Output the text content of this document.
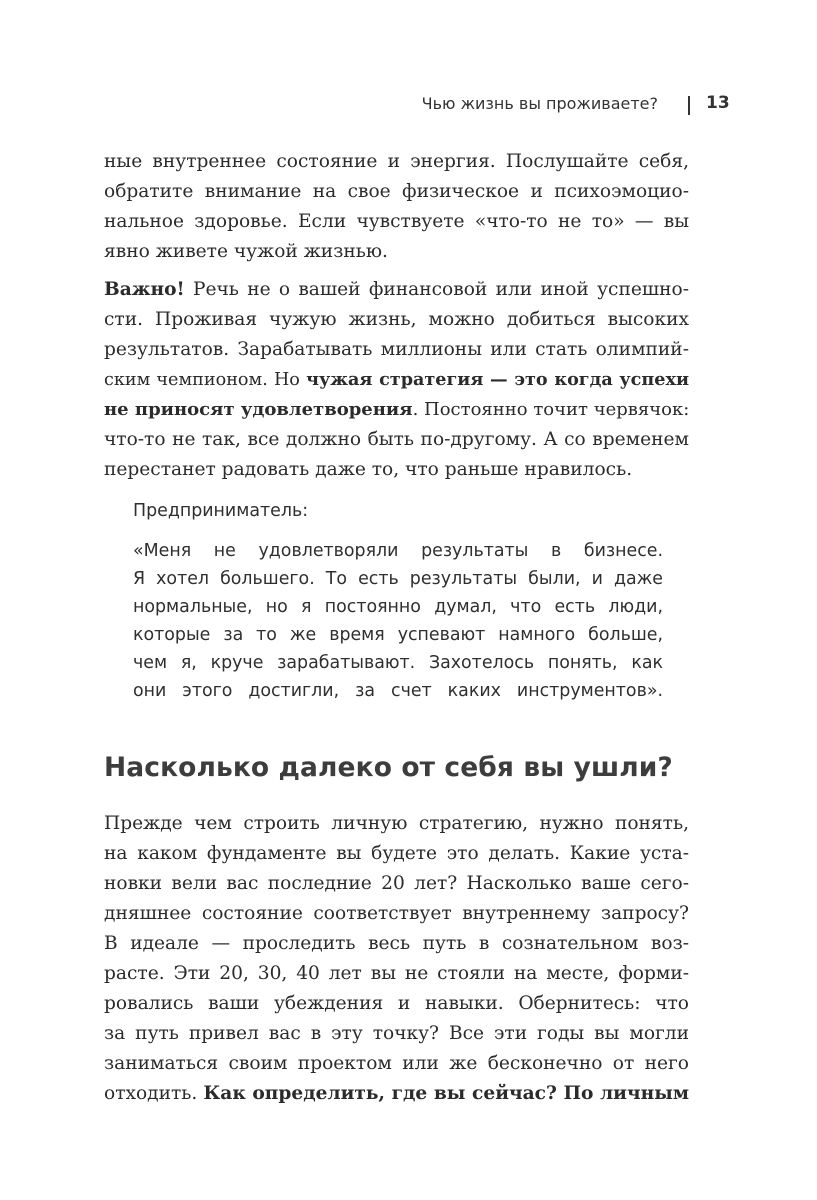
Чью жизнь вы проживаете?	13
ные внутреннее состояние и энергия. Послушайте себя,
обратите внимание на свое физическое и психоэмоцио-
нальное здоровье. Если чувствуете «что-то не то» — вы
явно живете чужой жизнью.
Важно! Речь не о вашей финансовой или иной успешно-
сти. Проживая чужую жизнь, можно добиться высоких
результатов. Зарабатывать миллионы или стать олимпий-
ским чемпионом. Но чужая стратегия — это когда успехи
не приносят удовлетворения. Постоянно точит червячок:
что-то не так, все должно быть по-другому. А со временем
перестанет радовать даже то, что раньше нравилось.
Предприниматель:
«Меня не удовлетворяли результаты в бизнесе.
Я хотел большего. То есть результаты были, и даже
нормальные, но я постоянно думал, что есть люди,
которые за то же время успевают намного больше,
чем я, круче зарабатывают. Захотелось понять, как
они этого достигли, за счет каких инструментов».
Насколько далеко от себя вы ушли?
Прежде чем строить личную стратегию, нужно понять,
на каком фундаменте вы будете это делать. Какие уста-
новки вели вас последние 20 лет? Насколько ваше сего-
дняшнее состояние соответствует внутреннему запросу?
В идеале — проследить весь путь в сознательном воз-
расте. Эти 20, 30, 40 лет вы не стояли на месте, форми-
ровались ваши убеждения и навыки. Обернитесь: что
за путь привел вас в эту точку? Все эти годы вы могли
заниматься своим проектом или же бесконечно от него
отходить. Как определить, где вы сейчас? По личным
